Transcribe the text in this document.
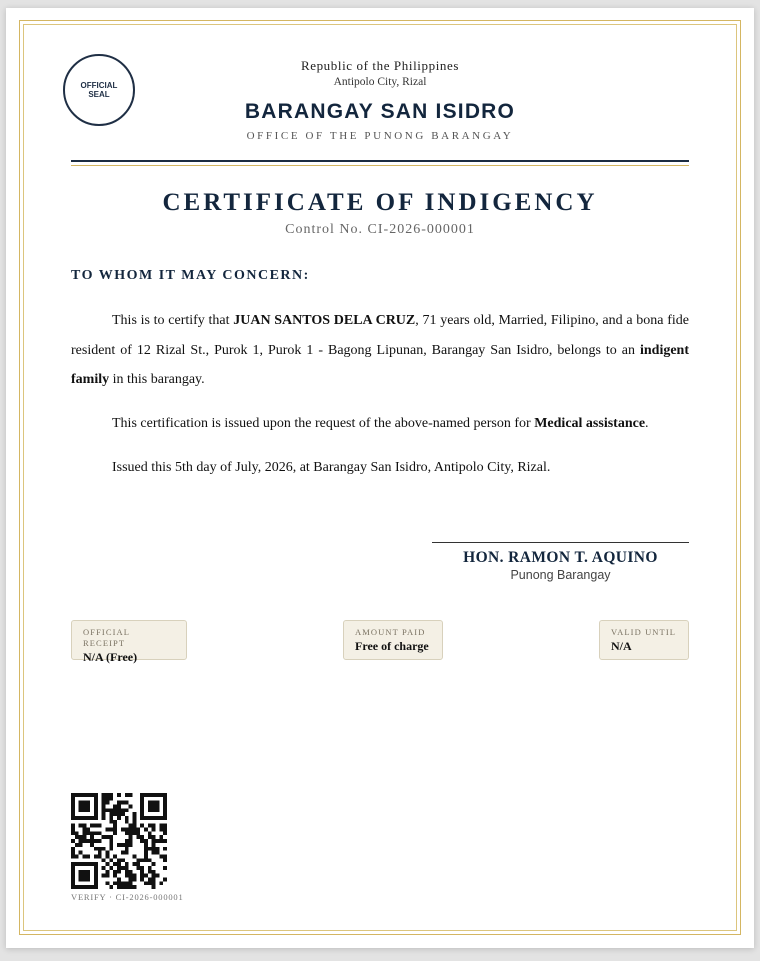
OFFICIAL
SEAL
Republic of the Philippines
Antipolo City, Rizal
BARANGAY SAN ISIDRO
OFFICE OF THE PUNONG BARANGAY
CERTIFICATE OF INDIGENCY
Control No. CI-2026-000001
TO WHOM IT MAY CONCERN:
This is to certify that JUAN SANTOS DELA CRUZ, 71 years old, Married, Filipino, and a bona fide resident of 12 Rizal St., Purok 1, Purok 1 - Bagong Lipunan, Barangay San Isidro, belongs to an indigent family in this barangay.
This certification is issued upon the request of the above-named person for Medical assistance.
Issued this 5th day of July, 2026, at Barangay San Isidro, Antipolo City, Rizal.
HON. RAMON T. AQUINO
Punong Barangay
OFFICIAL RECEIPT
N/A (Free)
AMOUNT PAID
Free of charge
VALID UNTIL
N/A
VERIFY · CI-2026-000001
